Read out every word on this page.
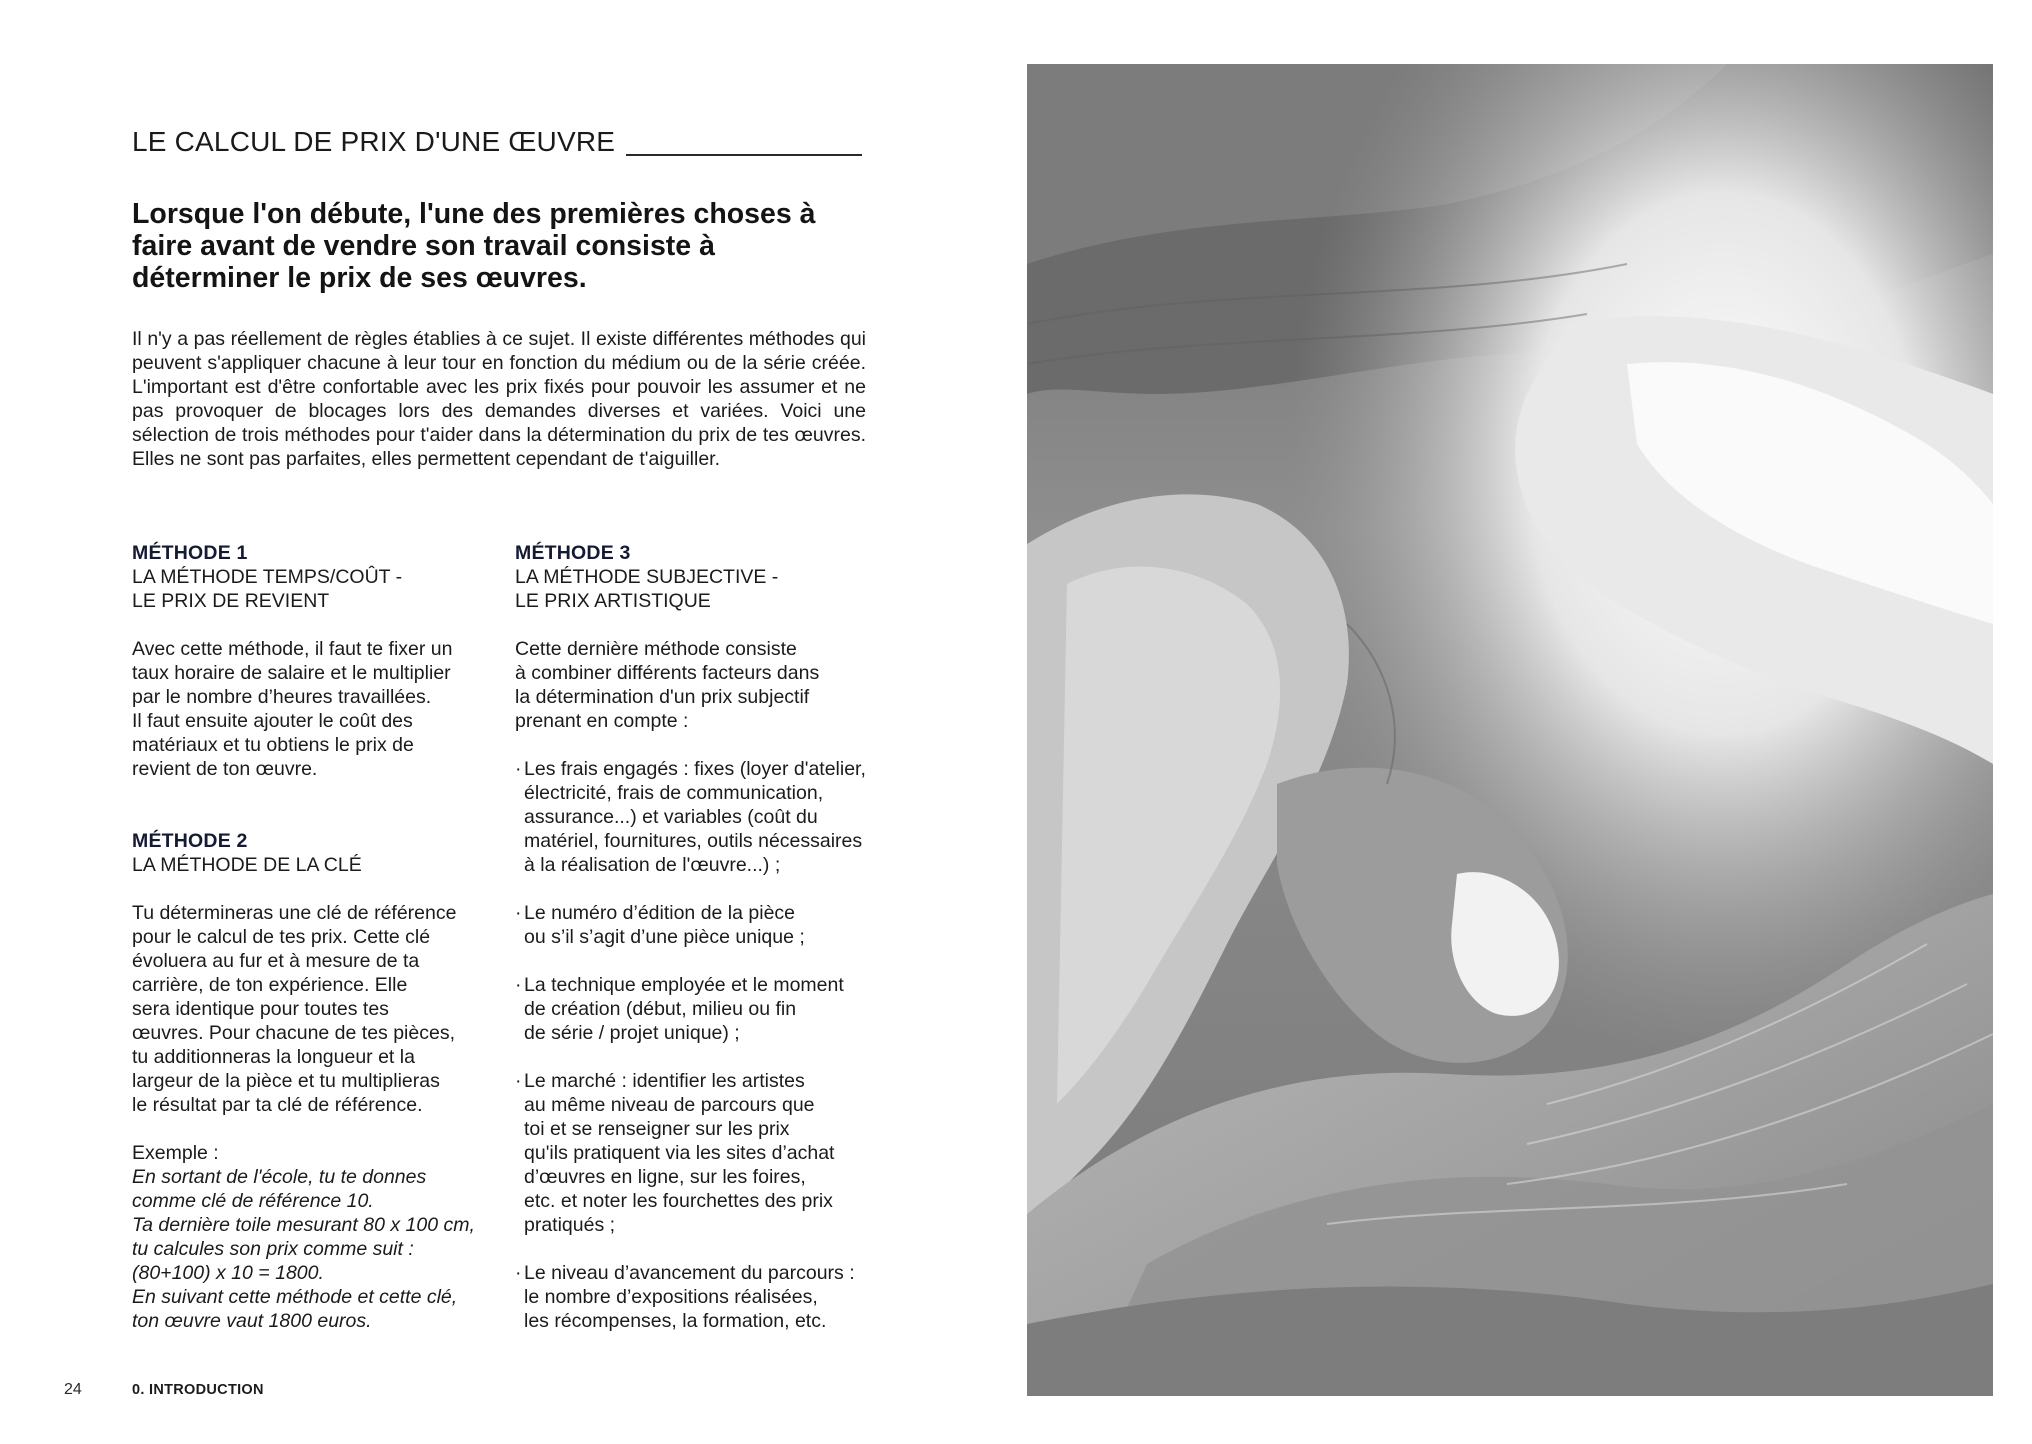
LE CALCUL DE PRIX D'UNE ŒUVRE
Lorsque l'on débute, l'une des premières choses à faire avant de vendre son travail consiste à déterminer le prix de ses œuvres.
Il n'y a pas réellement de règles établies à ce sujet. Il existe différentes méthodes qui peuvent s'appliquer chacune à leur tour en fonction du médium ou de la série créée. L'important est d'être confortable avec les prix fixés pour pouvoir les assumer et ne pas provoquer de blocages lors des demandes diverses et variées. Voici une sélection de trois méthodes pour t'aider dans la détermination du prix de tes œuvres. Elles ne sont pas parfaites, elles permettent cependant de t'aiguiller.
MÉTHODE 1
LA MÉTHODE TEMPS/COÛT -
LE PRIX DE REVIENT
Avec cette méthode, il faut te fixer un
taux horaire de salaire et le multiplier
par le nombre d’heures travaillées.
Il faut ensuite ajouter le coût des
matériaux et tu obtiens le prix de
revient de ton œuvre.
MÉTHODE 2
LA MÉTHODE DE LA CLÉ
Tu détermineras une clé de référence
pour le calcul de tes prix. Cette clé
évoluera au fur et à mesure de ta
carrière, de ton expérience. Elle
sera identique pour toutes tes
œuvres. Pour chacune de tes pièces,
tu additionneras la longueur et la
largeur de la pièce et tu multiplieras
le résultat par ta clé de référence.
Exemple :
En sortant de l'école, tu te donnes
comme clé de référence 10.
Ta dernière toile mesurant 80 x 100 cm,
tu calcules son prix comme suit :
(80+100) x 10 = 1800.
En suivant cette méthode et cette clé,
ton œuvre vaut 1800 euros.
MÉTHODE 3
LA MÉTHODE SUBJECTIVE -
LE PRIX ARTISTIQUE
Cette dernière méthode consiste
à combiner différents facteurs dans
la détermination d'un prix subjectif
prenant en compte :
· Les frais engagés : fixes (loyer d'atelier,
électricité, frais de communication,
assurance...) et variables (coût du
matériel, fournitures, outils nécessaires
à la réalisation de l'œuvre...) ;
· Le numéro d’édition de la pièce
ou s’il s’agit d’une pièce unique ;
· La technique employée et le moment
de création (début, milieu ou fin
de série / projet unique) ;
· Le marché : identifier les artistes
au même niveau de parcours que
toi et se renseigner sur les prix
qu'ils pratiquent via les sites d’achat
d’œuvres en ligne, sur les foires,
etc. et noter les fourchettes des prix
pratiqués ;
· Le niveau d’avancement du parcours :
le nombre d’expositions réalisées,
les récompenses, la formation, etc.
24	0. INTRODUCTION
